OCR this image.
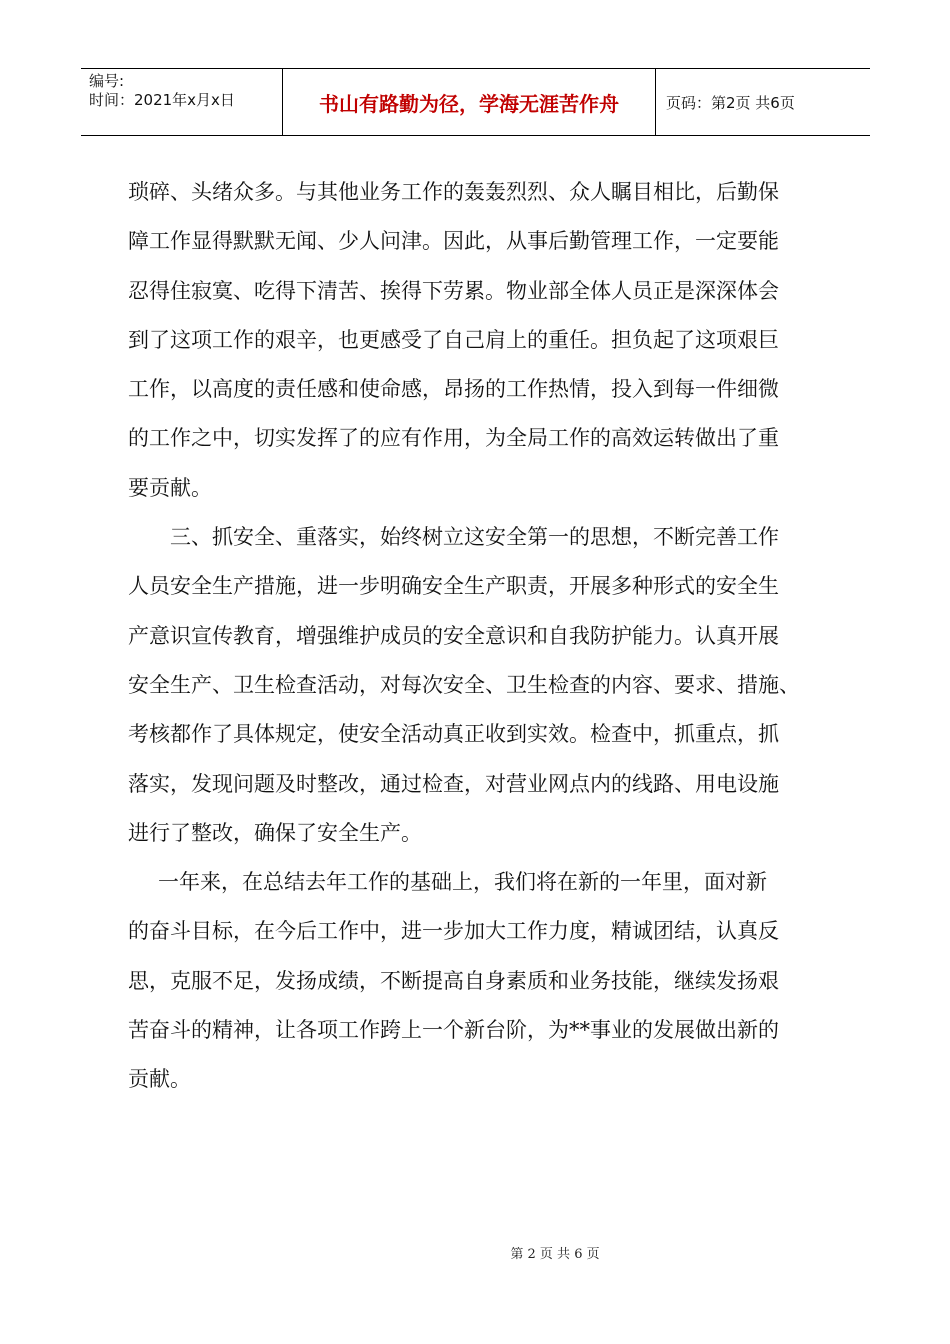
编号:
时间：2021年x月x日	书山有路勤为径，学海无涯苦作舟	页码：第2页 共6页
琐碎、头绪众多。与其他业务工作的轰轰烈烈、众人瞩目相比，后勤保
障工作显得默默无闻、少人问津。因此，从事后勤管理工作，一定要能
忍得住寂寞、吃得下清苦、挨得下劳累。物业部全体人员正是深深体会
到了这项工作的艰辛，也更感受了自己肩上的重任。担负起了这项艰巨
工作，以高度的责任感和使命感，昂扬的工作热情，投入到每一件细微
的工作之中，切实发挥了的应有作用，为全局工作的高效运转做出了重
要贡献。
　三、抓安全、重落实，始终树立这安全第一的思想，不断完善工作
人员安全生产措施，进一步明确安全生产职责，开展多种形式的安全生
产意识宣传教育，增强维护成员的安全意识和自我防护能力。认真开展
安全生产、卫生检查活动，对每次安全、卫生检查的内容、要求、措施、
考核都作了具体规定，使安全活动真正收到实效。检查中，抓重点，抓
落实，发现问题及时整改，通过检查，对营业网点内的线路、用电设施
进行了整改，确保了安全生产。
一年来，在总结去年工作的基础上，我们将在新的一年里，面对新
的奋斗目标，在今后工作中，进一步加大工作力度，精诚团结，认真反
思，克服不足，发扬成绩，不断提高自身素质和业务技能，继续发扬艰
苦奋斗的精神，让各项工作跨上一个新台阶，为**事业的发展做出新的
贡献。
第 2 页 共 6 页
